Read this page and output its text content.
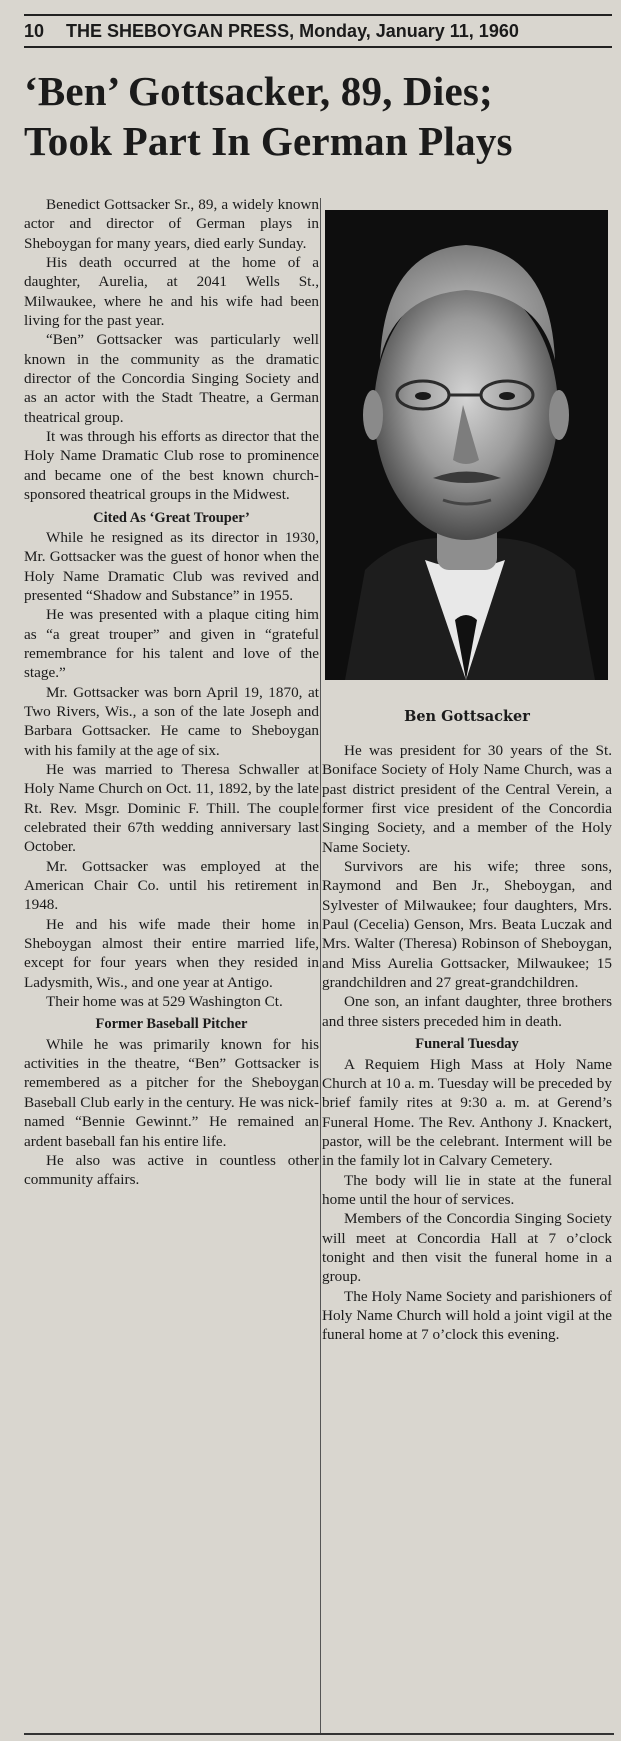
10 THE SHEBOYGAN PRESS, Monday, January 11, 1960
‘Ben’ Gottsacker, 89, Dies;
Took Part In German Plays

Benedict Gottsacker Sr., 89, a widely known actor and director of German plays in Sheboygan for many years, died early Sunday.

His death occurred at the home of a daughter, Aurelia, at 2041 Wells St., Milwaukee, where he and his wife had been living for the past year.

“Ben” Gottsacker was particularly well known in the community as the dramatic director of the Concordia Singing Society and as an actor with the Stadt Theatre, a German theatrical group.

It was through his efforts as director that the Holy Name Dramatic Club rose to prominence and became one of the best known church-sponsored theatrical groups in the Midwest.

Cited As ‘Great Trouper’

While he resigned as its director in 1930, Mr. Gottsacker was the guest of honor when the Holy Name Dramatic Club was revived and presented “Shadow and Substance” in 1955.

He was presented with a plaque citing him as “a great trouper” and given in “grateful remembrance for his talent and love of the stage.”

Mr. Gottsacker was born April 19, 1870, at Two Rivers, Wis., a son of the late Joseph and Barbara Gottsacker. He came to Sheboygan with his family at the age of six.

He was married to Theresa Schwaller at Holy Name Church on Oct. 11, 1892, by the late Rt. Rev. Msgr. Dominic F. Thill. The couple celebrated their 67th wedding anniversary last October.

Mr. Gottsacker was employed at the American Chair Co. until his retirement in 1948.

He and his wife made their home in Sheboygan almost their entire married life, except for four years when they resided in Ladysmith, Wis., and one year at Antigo.

Their home was at 529 Washington Ct.

Former Baseball Pitcher

While he was primarily known for his activities in the theatre, “Ben” Gottsacker is remembered as a pitcher for the Sheboygan Baseball Club early in the century. He was nick-named “Bennie Gewinnt.” He remained an ardent baseball fan his entire life.

He also was active in countless other community affairs.

Ben Gottsacker

He was president for 30 years of the St. Boniface Society of Holy Name Church, was a past district president of the Central Verein, a former first vice president of the Concordia Singing Society, and a member of the Holy Name Society.

Survivors are his wife; three sons, Raymond and Ben Jr., Sheboygan, and Sylvester of Milwaukee; four daughters, Mrs. Paul (Cecelia) Genson, Mrs. Beata Luczak and Mrs. Walter (Theresa) Robinson of Sheboygan, and Miss Aurelia Gottsacker, Milwaukee; 15 grandchildren and 27 great-grandchildren.

One son, an infant daughter, three brothers and three sisters preceded him in death.

Funeral Tuesday

A Requiem High Mass at Holy Name Church at 10 a. m. Tuesday will be preceded by brief family rites at 9:30 a. m. at Gerend’s Funeral Home. The Rev. Anthony J. Knackert, pastor, will be the celebrant. Interment will be in the family lot in Calvary Cemetery.

The body will lie in state at the funeral home until the hour of services.

Members of the Concordia Singing Society will meet at Concordia Hall at 7 o’clock tonight and then visit the funeral home in a group.

The Holy Name Society and parishioners of Holy Name Church will hold a joint vigil at the funeral home at 7 o’clock this evening.
